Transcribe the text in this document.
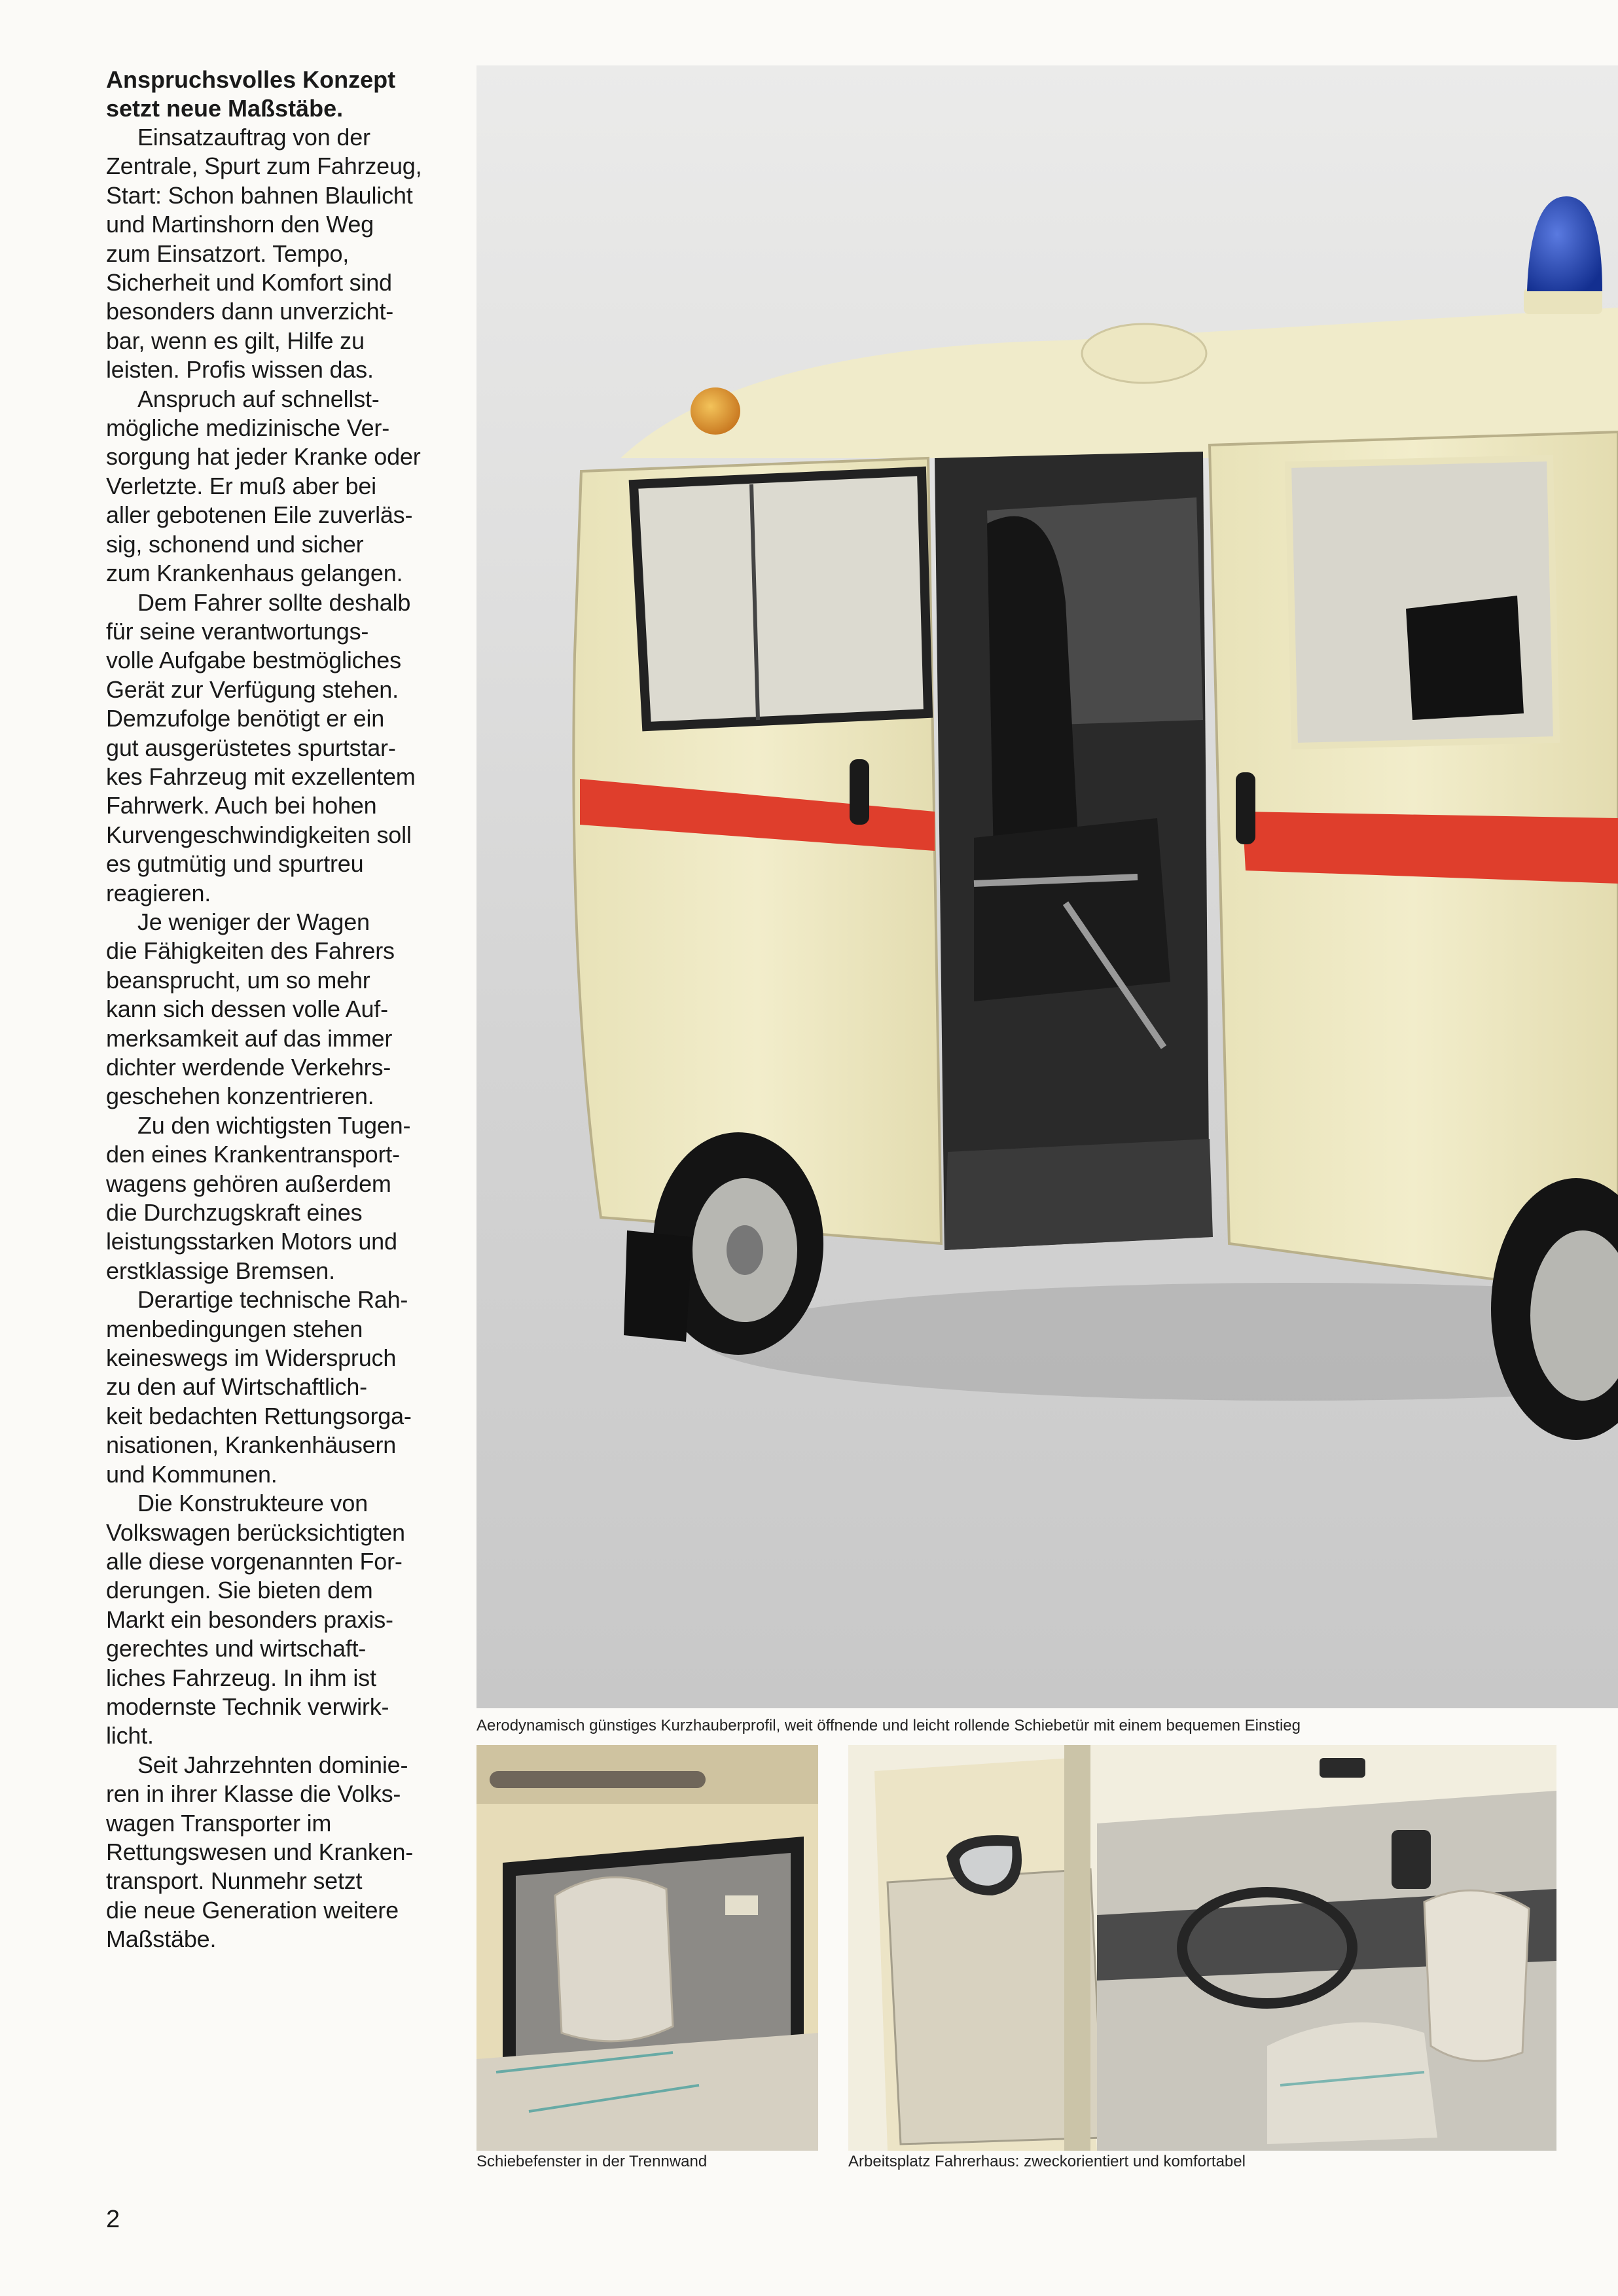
Anspruchsvolles Konzept
setzt neue Maßstäbe.

Einsatzauftrag von der
Zentrale, Spurt zum Fahrzeug,
Start: Schon bahnen Blaulicht
und Martinshorn den Weg
zum Einsatzort. Tempo,
Sicherheit und Komfort sind
besonders dann unverzicht-
bar, wenn es gilt, Hilfe zu
leisten. Profis wissen das.

Anspruch auf schnellst-
mögliche medizinische Ver-
sorgung hat jeder Kranke oder
Verletzte. Er muß aber bei
aller gebotenen Eile zuverläs-
sig, schonend und sicher
zum Krankenhaus gelangen.

Dem Fahrer sollte deshalb
für seine verantwortungs-
volle Aufgabe bestmögliches
Gerät zur Verfügung stehen.
Demzufolge benötigt er ein
gut ausgerüstetes spurtstar-
kes Fahrzeug mit exzellentem
Fahrwerk. Auch bei hohen
Kurvengeschwindigkeiten soll
es gutmütig und spurtreu
reagieren.

Je weniger der Wagen
die Fähigkeiten des Fahrers
beansprucht, um so mehr
kann sich dessen volle Auf-
merksamkeit auf das immer
dichter werdende Verkehrs-
geschehen konzentrieren.

Zu den wichtigsten Tugen-
den eines Krankentransport-
wagens gehören außerdem
die Durchzugskraft eines
leistungsstarken Motors und
erstklassige Bremsen.

Derartige technische Rah-
menbedingungen stehen
keineswegs im Widerspruch
zu den auf Wirtschaftlich-
keit bedachten Rettungsorga-
nisationen, Krankenhäusern
und Kommunen.

Die Konstrukteure von
Volkswagen berücksichtigten
alle diese vorgenannten For-
derungen. Sie bieten dem
Markt ein besonders praxis-
gerechtes und wirtschaft-
liches Fahrzeug. In ihm ist
modernste Technik verwirk-
licht.

Seit Jahrzehnten dominie-
ren in ihrer Klasse die Volks-
wagen Transporter im
Rettungswesen und Kranken-
transport. Nunmehr setzt
die neue Generation weitere
Maßstäbe.

Aerodynamisch günstiges Kurzhauberprofil, weit öffnende und leicht rollende Schiebetür mit einem bequemen Einstieg
Schiebefenster in der Trennwand	Arbeitsplatz Fahrerhaus: zweckorientiert und komfortabel
2
